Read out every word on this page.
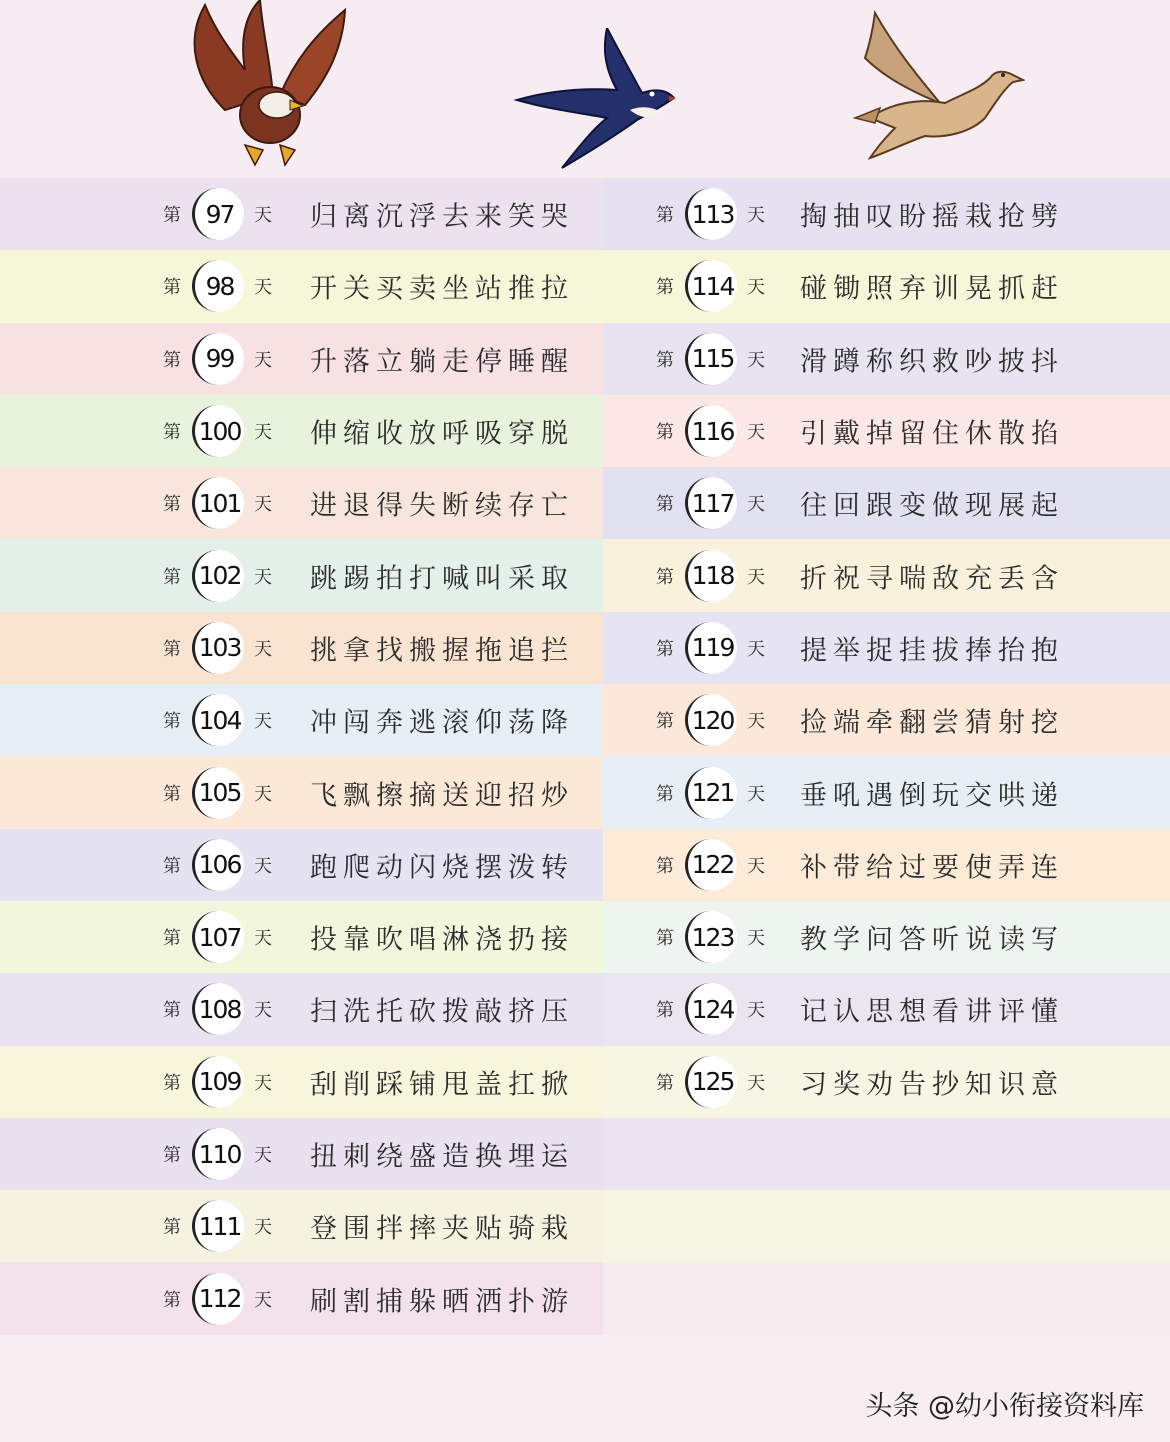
第 97	天 归离沉浮去来笑哭
第 98	天 开关买卖坐站推拉
第 99	天 升落立躺走停睡醒
第 100 天 伸缩收放呼吸穿脱
第 101 天 进退得失断续存亡
第 102 天 跳踢拍打喊叫采取
第 103 天 挑拿找搬握拖追拦
第 104 天 冲闯奔逃滚仰荡降
第 105 天 飞飘擦摘送迎招炒
第 106 天 跑爬动闪烧摆泼转
第 107 天 投靠吹唱淋浇扔接
第 108 天 扫洗托砍拨敲挤压
第 109 天 刮削踩铺甩盖扛掀
第 110 天 扭刺绕盛造换埋运
第 111 天 登围拌摔夹贴骑栽
第 112 天 刷割捕躲晒洒扑游
第 113 天 掏抽叹盼摇栽抢劈
第 114 天 碰锄照弃训晃抓赶
第 115 天 滑蹲称织救吵披抖
第 116 天 引戴掉留住休散掐
第 117 天 往回跟变做现展起
第 118 天 折祝寻喘敌充丢含
第 119 天 提举捉挂拔捧抬抱
第 120 天 捡端牵翻尝猜射挖
第 121 天 垂吼遇倒玩交哄递
第 122 天 补带给过要使弄连
第 123 天 教学问答听说读写
第 124 天 记认思想看讲评懂
第 125 天 习奖劝告抄知识意
头条 @幼小衔接资料库
